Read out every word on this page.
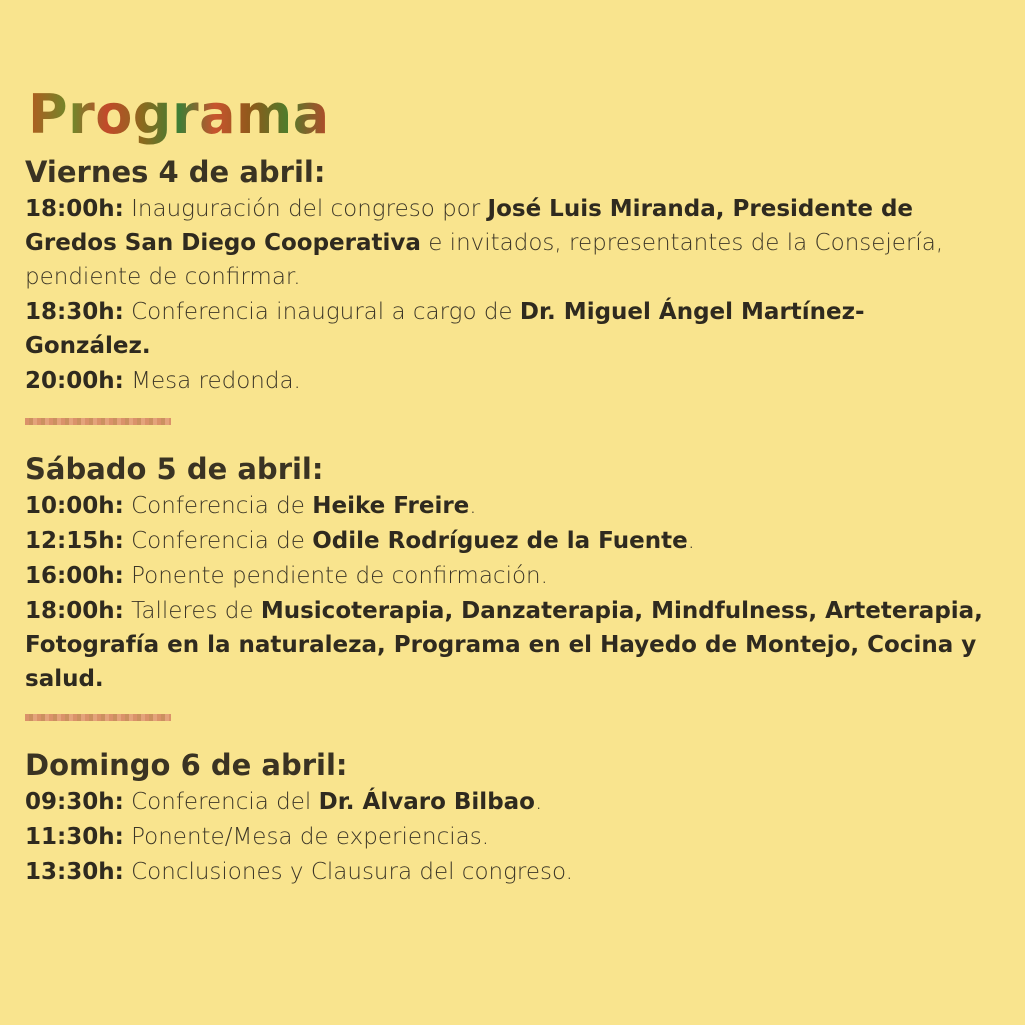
Programa
Viernes 4 de abril:

18:00h: Inauguración del congreso por José Luis Miranda, Presidente de Gredos San Diego Cooperativa e invitados, representantes de la Consejería, pendiente de confirmar.

18:30h: Conferencia inaugural a cargo de Dr. Miguel Ángel Martínez-González.

20:00h: Mesa redonda.

Sábado 5 de abril:

10:00h: Conferencia de Heike Freire.

12:15h: Conferencia de Odile Rodríguez de la Fuente.

16:00h: Ponente pendiente de confirmación.

18:00h: Talleres de Musicoterapia, Danzaterapia, Mindfulness, Arteterapia, Fotografía en la naturaleza, Programa en el Hayedo de Montejo, Cocina y salud.

Domingo 6 de abril:

09:30h: Conferencia del Dr. Álvaro Bilbao.

11:30h: Ponente/Mesa de experiencias.

13:30h: Conclusiones y Clausura del congreso.
